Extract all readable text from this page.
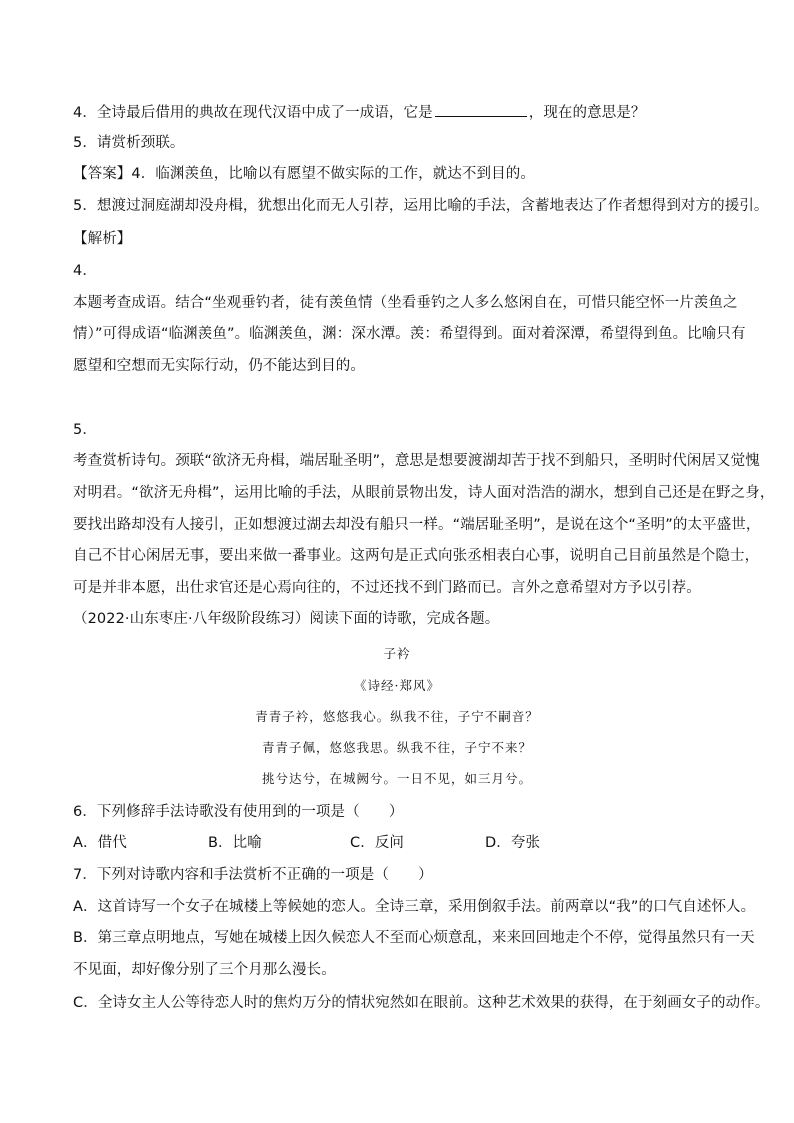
4．全诗最后借用的典故在现代汉语中成了一成语，它是	，现在的意思是？
5．请赏析颈联。
【答案】4．临渊羡鱼，比喻以有愿望不做实际的工作，就达不到目的。
5．想渡过洞庭湖却没舟楫，犹想出化而无人引荐，运用比喻的手法，含蓄地表达了作者想得到对方的援引。
【解析】
4．
本题考查成语。结合“坐观垂钓者，徒有羡鱼情（坐看垂钓之人多么悠闲自在，可惜只能空怀一片羡鱼之
情）”可得成语“临渊羡鱼”。临渊羡鱼，渊：深水潭。羡：希望得到。面对着深潭，希望得到鱼。比喻只有
愿望和空想而无实际行动，仍不能达到目的。
5．
考查赏析诗句。颈联“欲济无舟楫，端居耻圣明”，意思是想要渡湖却苦于找不到船只，圣明时代闲居又觉愧
对明君。“欲济无舟楫”，运用比喻的手法，从眼前景物出发，诗人面对浩浩的湖水，想到自己还是在野之身，
要找出路却没有人接引，正如想渡过湖去却没有船只一样。“端居耻圣明”，是说在这个“圣明”的太平盛世，
自己不甘心闲居无事，要出来做一番事业。这两句是正式向张丞相表白心事，说明自己目前虽然是个隐士，
可是并非本愿，出仕求官还是心焉向往的，不过还找不到门路而已。言外之意希望对方予以引荐。
（2022·山东枣庄·八年级阶段练习）阅读下面的诗歌，完成各题。
子衿
《诗经·郑风》
青青子衿，悠悠我心。纵我不往，子宁不嗣音？
青青子佩，悠悠我思。纵我不往，子宁不来？
挑兮达兮，在城阙兮。一日不见，如三月兮。
6．下列修辞手法诗歌没有使用到的一项是（　　）
A．借代	B．比喻	C．反问	D．夸张
7．下列对诗歌内容和手法赏析不正确的一项是（　　）
A．这首诗写一个女子在城楼上等候她的恋人。全诗三章，采用倒叙手法。前两章以“我”的口气自述怀人。
B．第三章点明地点，写她在城楼上因久候恋人不至而心烦意乱，来来回回地走个不停，觉得虽然只有一天
不见面，却好像分别了三个月那么漫长。
C．全诗女主人公等待恋人时的焦灼万分的情状宛然如在眼前。这种艺术效果的获得，在于刻画女子的动作。
